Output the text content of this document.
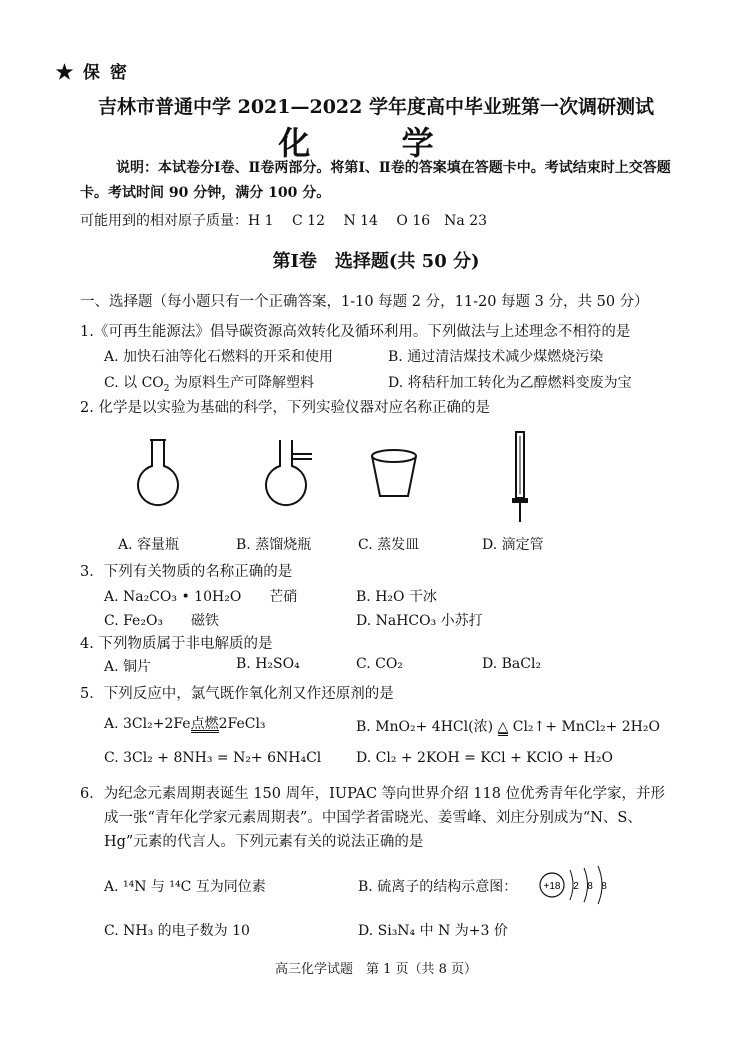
★ 保 密
吉林市普通中学 2021—2022 学年度高中毕业班第一次调研测试
化 学
说明：本试卷分Ⅰ卷、Ⅱ卷两部分。将第Ⅰ、Ⅱ卷的答案填在答题卡中。考试结束时上交答题卡。考试时间 90 分钟，满分 100 分。
可能用到的相对原子质量：H 1　 C 12　 N 14　 O 16　Na 23
第Ⅰ卷　选择题(共 50 分)
一、选择题（每小题只有一个正确答案，1-10 每题 2 分，11-20 每题 3 分，共 50 分）
1.《可再生能源法》倡导碳资源高效转化及循环利用。下列做法与上述理念不相符的是
A. 加快石油等化石燃料的开采和使用	B. 通过清洁煤技术减少煤燃烧污染
C. 以 $CO_2$ 为原料生产可降解塑料	D. 将秸秆加工转化为乙醇燃料变废为宝
2. 化学是以实验为基础的科学，下列实验仪器对应名称正确的是
A. 容量瓶	B. 蒸馏烧瓶	C. 蒸发皿	D. 滴定管
3．下列有关物质的名称正确的是
A. Na₂CO₃ • 10H₂O　　芒硝	B. H₂O 干冰
C. Fe₂O₃　　磁铁	D. NaHCO₃ 小苏打
4. 下列物质属于非电解质的是
A. 铜片	B. H₂SO₄	C. CO₂	D. BaCl₂
5．下列反应中，氯气既作氧化剂又作还原剂的是
A. 3Cl₂+2Fe点燃2FeCl₃	B. MnO₂+ 4HCl(浓) △ Cl₂↑+ MnCl₂+ 2H₂O
C. 3Cl₂ + 8NH₃ = N₂+ 6NH₄Cl D. Cl₂ + 2KOH = KCl + KClO + H₂O
6．为纪念元素周期表诞生 150 周年，IUPAC 等向世界介绍 118 位优秀青年化学家，并形
成一张“青年化学家元素周期表”。中国学者雷晓光、姜雪峰、刘庄分别成为“N、S、
Hg”元素的代言人。下列元素有关的说法正确的是
A. ¹⁴N 与 ¹⁴C 互为同位素	B. 硫离子的结构示意图：	+18 2 8 8
C. NH₃ 的电子数为 10	D. Si₃N₄ 中 N 为+3 价
高三化学试题　第 1 页（共 8 页）
